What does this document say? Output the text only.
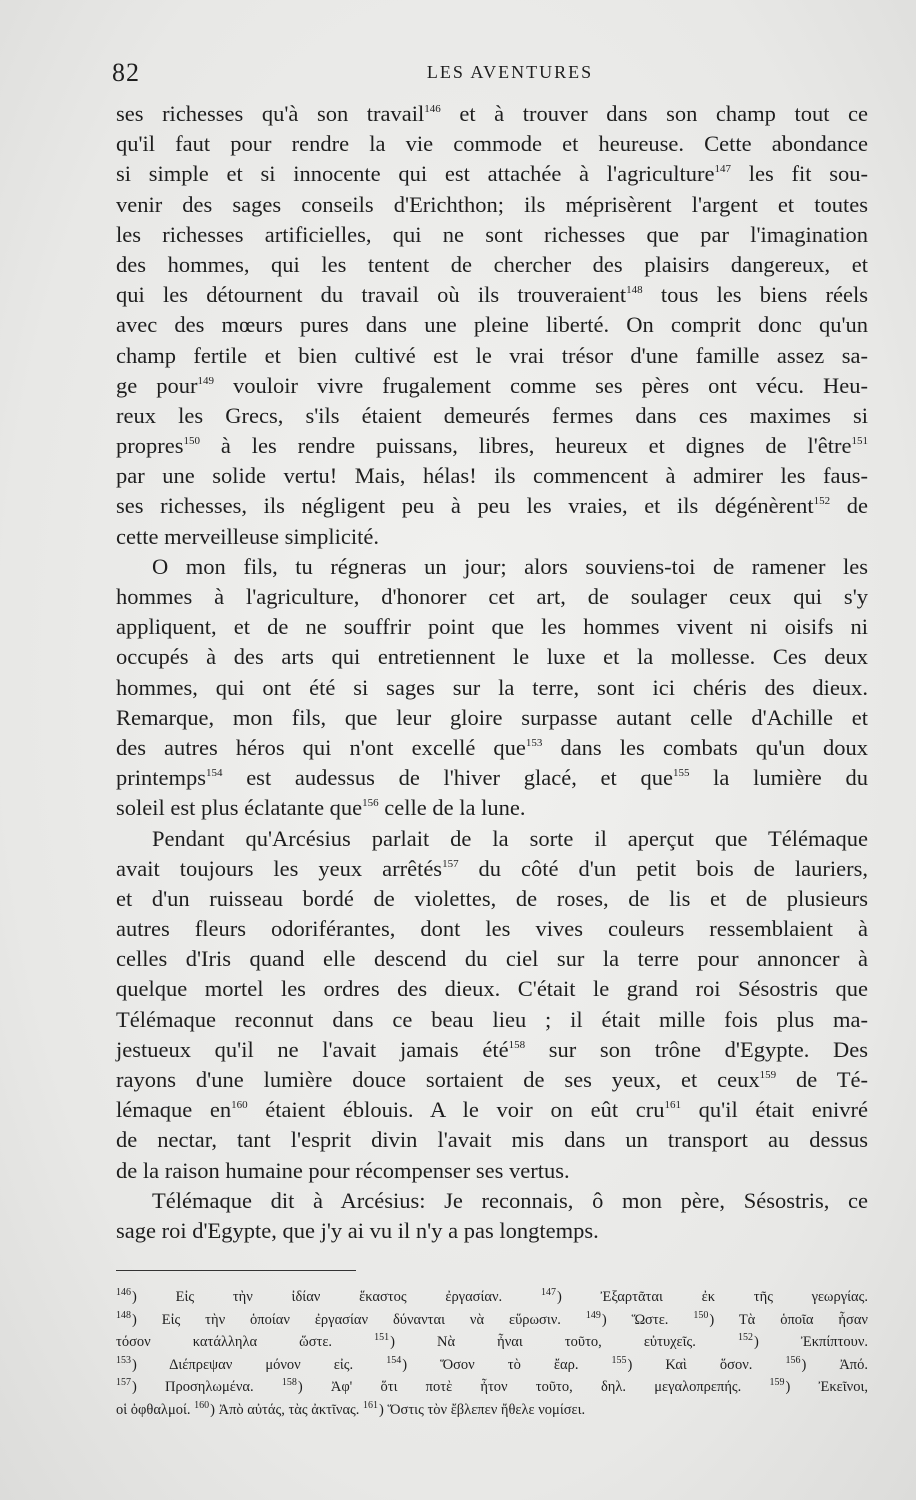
82	LES AVENTURES
ses richesses qu'à son travail$^{146}$ et à trouver dans son champ tout ce
qu'il faut pour rendre la vie commode et heureuse. Cette abondance
si simple et si innocente qui est attachée à l'agriculture$^{147}$ les fit sou-
venir des sages conseils d'Erichthon; ils méprisèrent l'argent et toutes
les richesses artificielles, qui ne sont richesses que par l'imagination
des hommes, qui les tentent de chercher des plaisirs dangereux, et
qui les détournent du travail où ils trouveraient$^{148}$ tous les biens réels
avec des mœurs pures dans une pleine liberté. On comprit donc qu'un
champ fertile et bien cultivé est le vrai trésor d'une famille assez sa-
ge pour$^{149}$ vouloir vivre frugalement comme ses pères ont vécu. Heu-
reux les Grecs, s'ils étaient demeurés fermes dans ces maximes si
propres$^{150}$ à les rendre puissans, libres, heureux et dignes de l'être$^{151}$
par une solide vertu! Mais, hélas! ils commencent à admirer les faus-
ses richesses, ils négligent peu à peu les vraies, et ils dégénèrent$^{152}$ de
cette merveilleuse simplicité.
O mon fils, tu régneras un jour; alors souviens-toi de ramener les
hommes à l'agriculture, d'honorer cet art, de soulager ceux qui s'y
appliquent, et de ne souffrir point que les hommes vivent ni oisifs ni
occupés à des arts qui entretiennent le luxe et la mollesse. Ces deux
hommes, qui ont été si sages sur la terre, sont ici chéris des dieux.
Remarque, mon fils, que leur gloire surpasse autant celle d'Achille et
des autres héros qui n'ont excellé que$^{153}$ dans les combats qu'un doux
printemps$^{154}$ est audessus de l'hiver glacé, et que$^{155}$ la lumière du
soleil est plus éclatante que$^{156}$ celle de la lune.
Pendant qu'Arcésius parlait de la sorte il aperçut que Télémaque
avait toujours les yeux arrêtés$^{157}$ du côté d'un petit bois de lauriers,
et d'un ruisseau bordé de violettes, de roses, de lis et de plusieurs
autres fleurs odoriférantes, dont les vives couleurs ressemblaient à
celles d'Iris quand elle descend du ciel sur la terre pour annoncer à
quelque mortel les ordres des dieux. C'était le grand roi Sésostris que
Télémaque reconnut dans ce beau lieu ; il était mille fois plus ma-
jestueux qu'il ne l'avait jamais été$^{158}$ sur son trône d'Egypte. Des
rayons d'une lumière douce sortaient de ses yeux, et ceux$^{159}$ de Té-
lémaque $en^{160}$ étaient éblouis. A le voir on eût cru$^{161}$ qu'il était enivré
de nectar, tant l'esprit divin l'avait mis dans un transport au dessus
de la raison humaine pour récompenser ses vertus.
Télémaque dit à Arcésius: Je reconnais, ô mon père, Sésostris, ce
sage roi d'Egypte, que j'y ai vu il n'y a pas longtemps.
$^{146}$) Εἰς τὴν ἰδίαν ἕκαστος ἐργασίαν. $^{147}$) Ἐξαρτᾶται ἐκ τῆς γεωργίας.
$^{148}$) Εἰς τὴν ὁποίαν ἐργασίαν δύνανται νὰ εὕρωσιν. $^{149}$) Ὥστε. $^{150}$) Τὰ ὁποῖα ἦσαν
τόσον κατάλληλα ὥστε. $^{151}$) Νὰ ἦναι τοῦτο, εὐτυχεῖς. $^{152}$) Ἐκπίπτουν.
$^{153}$) Διέπρεψαν μόνον εἰς. $^{154}$) Ὅσον τὸ ἔαρ. $^{155}$) Καὶ ὅσον. $^{156}$) Ἀπό.
$^{157}$) Προσηλωμένα. $^{158}$) Ἀφ' ὅτι ποτὲ ἦτον τοῦτο, δηλ. μεγαλοπρεπής. $^{159}$) Ἐκεῖνοι,
οἱ ὀφθαλμοί. $^{160}$) Ἀπὸ αὐτάς, τὰς ἀκτῖνας. $^{161}$) Ὅστις τὸν ἔβλεπεν ἤθελε νομίσει.
